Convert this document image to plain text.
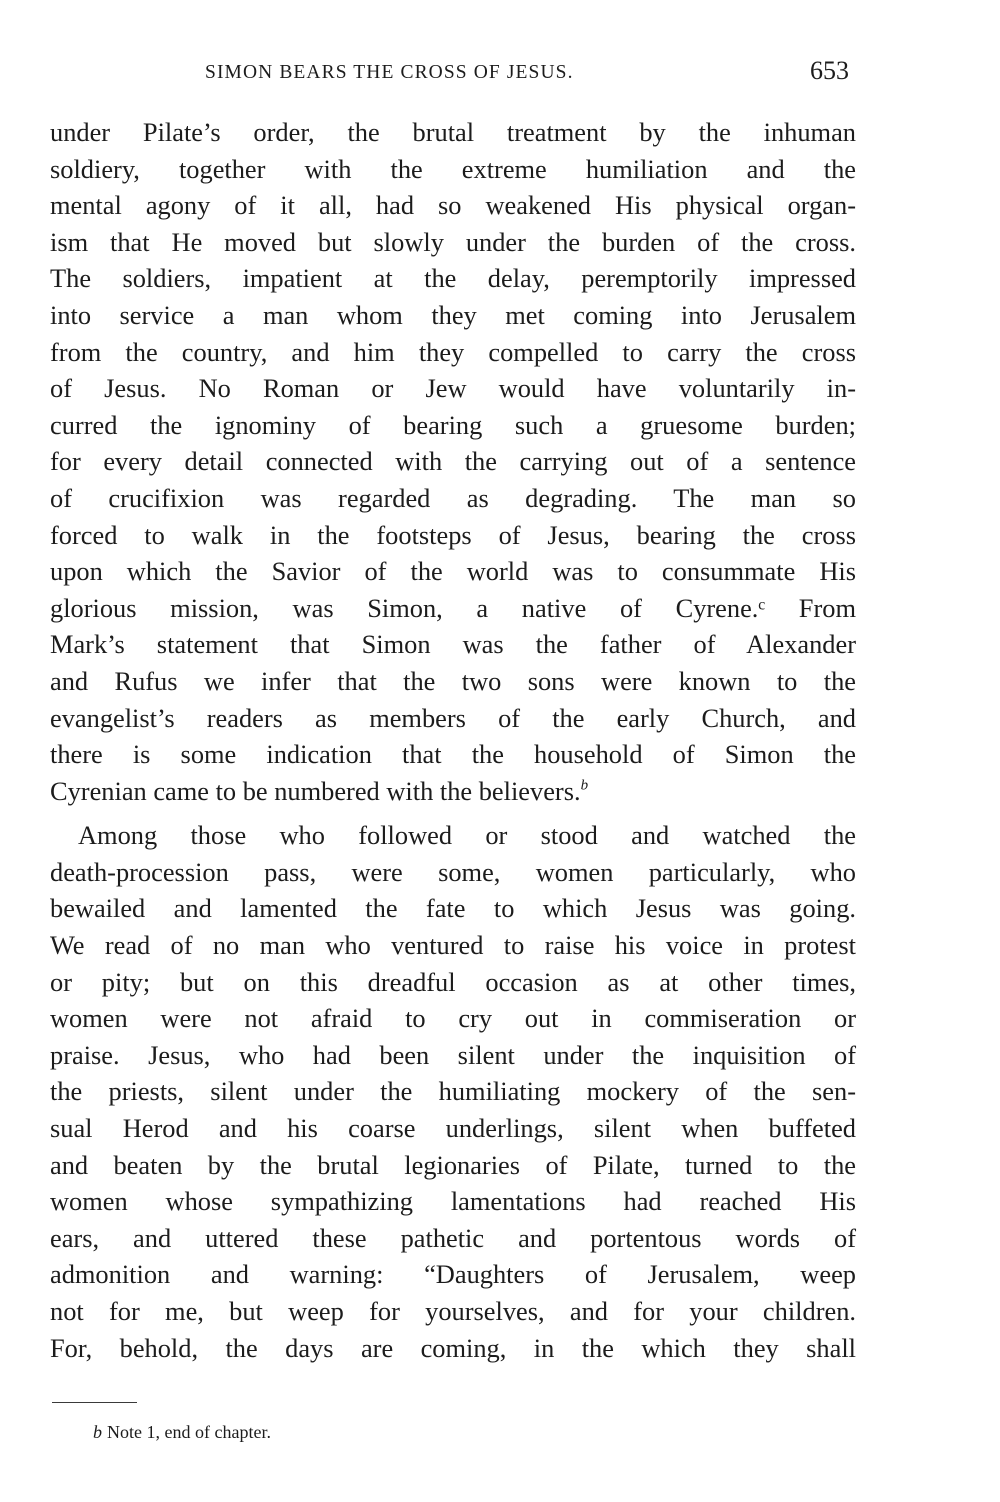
SIMON BEARS THE CROSS OF JESUS.	653
under Pilate’s order, the brutal treatment by the inhuman
soldiery, together with the extreme humiliation and the
mental agony of it all, had so weakened His physical organ-
ism that He moved but slowly under the burden of the cross.
The soldiers, impatient at the delay, peremptorily impressed
into service a man whom they met coming into Jerusalem
from the country, and him they compelled to carry the cross
of Jesus. No Roman or Jew would have voluntarily in-
curred the ignominy of bearing such a gruesome burden;
for every detail connected with the carrying out of a sentence
of crucifixion was regarded as degrading. The man so
forced to walk in the footsteps of Jesus, bearing the cross
upon which the Savior of the world was to consummate His
glorious mission, was Simon, a native of Cyrene.ᶜ From
Mark’s statement that Simon was the father of Alexander
and Rufus we infer that the two sons were known to the
evangelist’s readers as members of the early Church, and
there is some indication that the household of Simon the
Cyrenian came to be numbered with the believers.$^b$
Among those who followed or stood and watched the
death-procession pass, were some, women particularly, who
bewailed and lamented the fate to which Jesus was going.
We read of no man who ventured to raise his voice in protest
or pity; but on this dreadful occasion as at other times,
women were not afraid to cry out in commiseration or
praise. Jesus, who had been silent under the inquisition of
the priests, silent under the humiliating mockery of the sen-
sual Herod and his coarse underlings, silent when buffeted
and beaten by the brutal legionaries of Pilate, turned to the
women whose sympathizing lamentations had reached His
ears, and uttered these pathetic and portentous words of
admonition and warning: “Daughters of Jerusalem, weep
not for me, but weep for yourselves, and for your children.
For, behold, the days are coming, in the which they shall
b Note 1, end of chapter.
